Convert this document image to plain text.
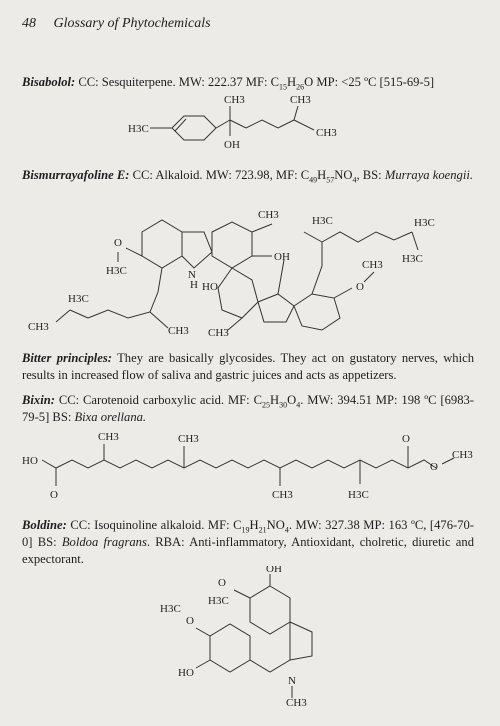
48 Glossary of Phytochemicals
Bisabolol: CC: Sesquiterpene. MW: 222.37 MF: $C_{15}H_{26}O$ MP: <25 ºC [515-69-5]
H3C
CH3
OH
CH3
CH3
Bismurrayafoline E: CC: Alkaloid. MW: 723.98, MF: $C_{49}H_{57}NO_4$, BS: Murraya koengii.
CH3
OH
O
H3C	N
H
CH3
H3C
CH3
HO
CH3
O
CH3
H3C	H3C
H3C
Bitter principles: They are basically glycosides. They act on gustatory nerves, which results in increased flow of saliva and gastric juices and acts as appetizers.
Bixin: CC: Carotenoid carboxylic acid. MF: $C_{25}H_{30}O_4$. MW: 394.51 MP: 198 ºC [6983-79-5] BS: Bixa orellana.
HO
O
CH3	CH3
CH3	H3C
O
O
CH3
Boldine: CC: Isoquinoline alkaloid. MF: $C_{19}H_{21}NO_4$. MW: 327.38 MP: 163 ºC, [476-70-0] BS: Boldoa fragrans. RBA: Anti-inflammatory, Antioxidant, cholretic, diuretic and expectorant.
OH
O
H3C
O
H3C
HO
N
CH3
